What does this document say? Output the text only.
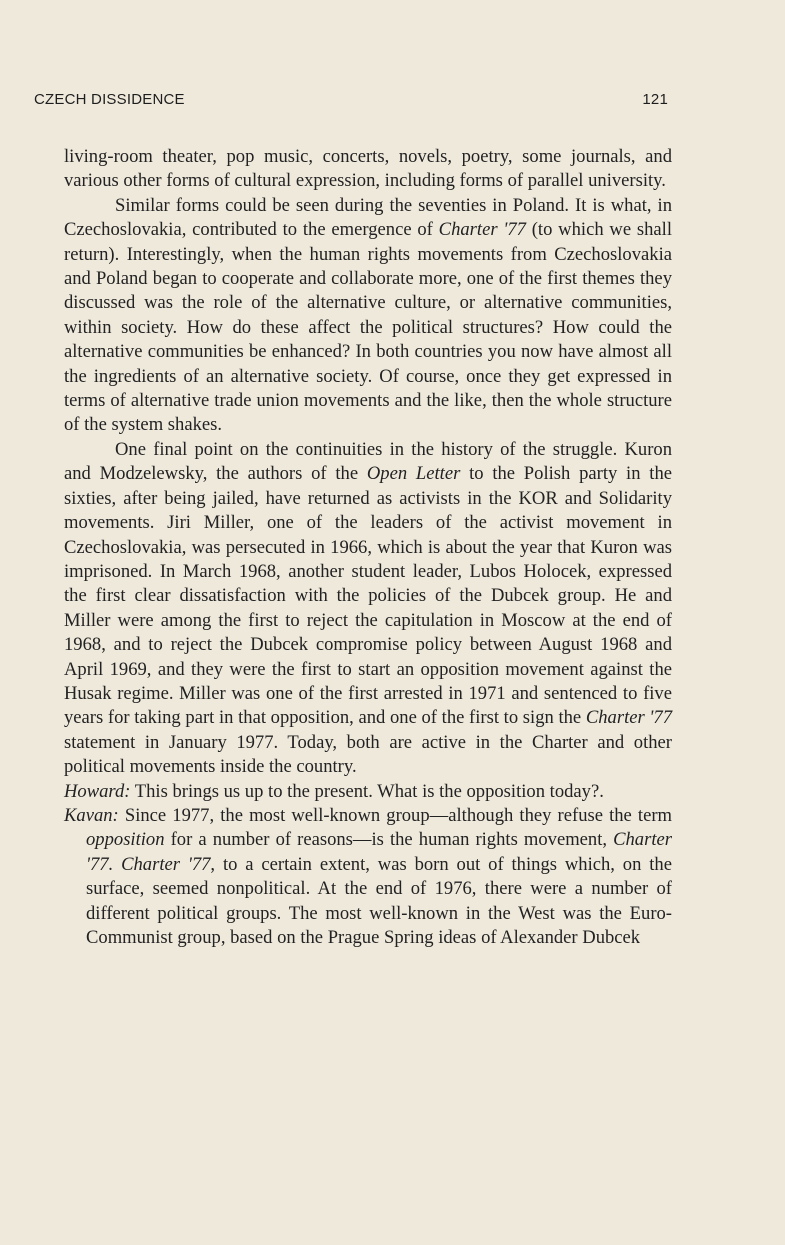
CZECH DISSIDENCE	121

living-room theater, pop music, concerts, novels, poetry, some journals, and various other forms of cultural expression, including forms of parallel university.

Similar forms could be seen during the seventies in Poland. It is what, in Czechoslovakia, contributed to the emergence of Charter '77 (to which we shall return). Interestingly, when the human rights movements from Czechoslovakia and Poland began to cooperate and collaborate more, one of the first themes they discussed was the role of the alternative culture, or alternative communities, within society. How do these affect the political structures? How could the alternative communities be enhanced? In both countries you now have almost all the ingredients of an alternative society. Of course, once they get expressed in terms of alternative trade union movements and the like, then the whole structure of the system shakes.

One final point on the continuities in the history of the struggle. Kuron and Modzelewsky, the authors of the Open Letter to the Polish party in the sixties, after being jailed, have returned as activists in the KOR and Solidarity movements. Jiri Miller, one of the leaders of the activist movement in Czechoslovakia, was persecuted in 1966, which is about the year that Kuron was imprisoned. In March 1968, another student leader, Lubos Holocek, expressed the first clear dissatisfaction with the policies of the Dubcek group. He and Miller were among the first to reject the capitulation in Moscow at the end of 1968, and to reject the Dubcek compromise policy between August 1968 and April 1969, and they were the first to start an opposition movement against the Husak regime. Miller was one of the first arrested in 1971 and sentenced to five years for taking part in that opposition, and one of the first to sign the Charter '77 statement in January 1977. Today, both are active in the Charter and other political movements inside the country.

Howard: This brings us up to the present. What is the opposition today?.

Kavan: Since 1977, the most well-known group—although they refuse the term opposition for a number of reasons—is the human rights movement, Charter '77. Charter '77, to a certain extent, was born out of things which, on the surface, seemed nonpolitical. At the end of 1976, there were a number of different political groups. The most well-known in the West was the Euro-Communist group, based on the Prague Spring ideas of Alexander Dubcek
